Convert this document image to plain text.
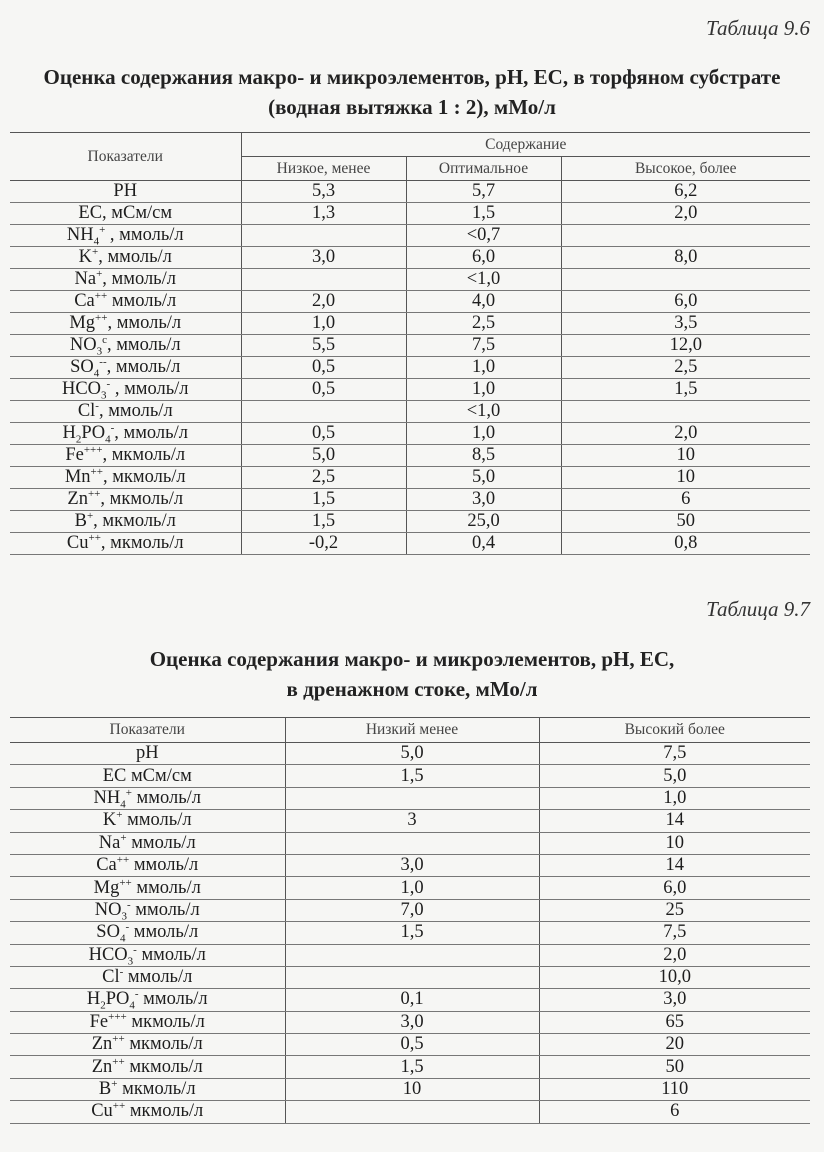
Таблица 9.6
Оценка содержания макро- и микроэлементов, pH, ЕС, в торфяном субстрате
(водная вытяжка 1 : 2), мМо/л
Показатели	Содержание		
	Низкое, менее	Оптимальное	Высокое, более
PH	5,3	5,7	6,2
ЕС, мСм/см	1,3	1,5	2,0
$NH_4^+$ , ммоль/л		<0,7	
K+, ммоль/л	3,0	6,0	8,0
Na+, ммоль/л		<1,0	
Ca++ ммоль/л	2,0	4,0	6,0
Mg++, ммоль/л	1,0	2,5	3,5
$NO_3^с$, ммоль/л	5,5	7,5	12,0
$SO_4^{--}$, ммоль/л	0,5	1,0	2,5
$HCO_3^-$ , ммоль/л	0,5	1,0	1,5
Cl-, ммоль/л		<1,0	
$H_2PO_4^-$, ммоль/л	0,5	1,0	2,0
Fe+++, мкмоль/л	5,0	8,5	10
Mn++, мкмоль/л	2,5	5,0	10
Zn++, мкмоль/л	1,5	3,0	6
B+, мкмоль/л	1,5	25,0	50
Cu++, мкмоль/л	-0,2	0,4	0,8
Таблица 9.7
Оценка содержания макро- и микроэлементов, pH, ЕС,
в дренажном стоке, мМо/л
Показатели	Низкий менее	Высокий более
pH	5,0	7,5
ЕС мСм/см	1,5	5,0
$NH_4^+$ ммоль/л		1,0
K+ ммоль/л	3	14
Na+ ммоль/л		10
Ca++ ммоль/л	3,0	14
Mg++ ммоль/л	1,0	6,0
$NO_3^-$ ммоль/л	7,0	25
$SO_4^-$ ммоль/л	1,5	7,5
$HCO_3^-$ ммоль/л		2,0
Cl- ммоль/л		10,0
$H_2PO_4^-$ ммоль/л	0,1	3,0
Fe+++ мкмоль/л	3,0	65
Zn++ мкмоль/л	0,5	20
Zn++ мкмоль/л	1,5	50
B+ мкмоль/л	10	110
Cu++ мкмоль/л		6
